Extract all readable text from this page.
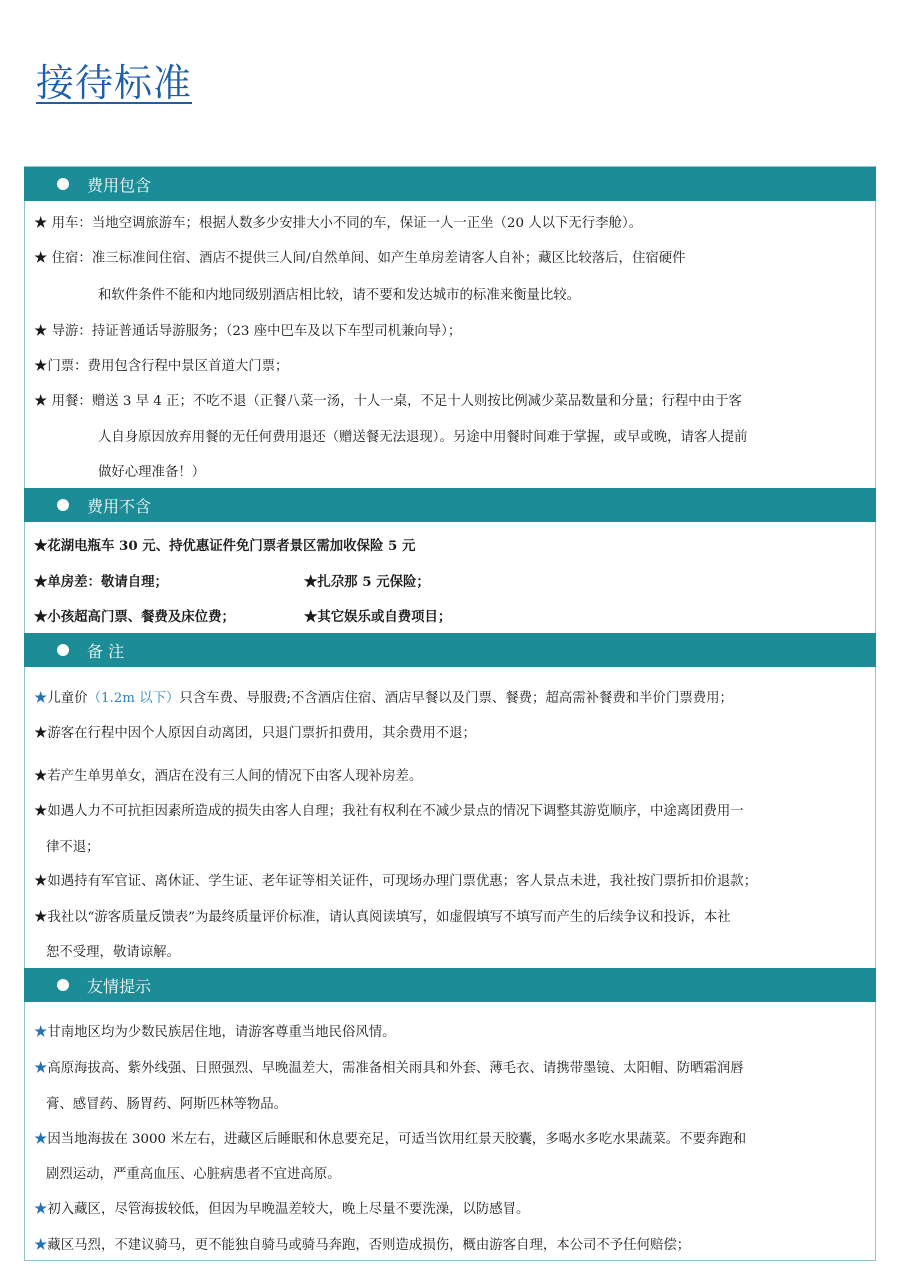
接待标准
费用包含
★ 用车：当地空调旅游车；根据人数多少安排大小不同的车，保证一人一正坐（20 人以下无行李舱）。
★ 住宿：准三标准间住宿、酒店不提供三人间/自然单间、如产生单房差请客人自补；藏区比较落后，住宿硬件
和软件条件不能和内地同级别酒店相比较，请不要和发达城市的标准来衡量比较。
★ 导游：持证普通话导游服务；（23 座中巴车及以下车型司机兼向导）；
★门票：费用包含行程中景区首道大门票；
★ 用餐：赠送 3 早 4 正；不吃不退（正餐八菜一汤，十人一桌，不足十人则按比例减少菜品数量和分量；行程中由于客
人自身原因放弃用餐的无任何费用退还（赠送餐无法退现）。另途中用餐时间难于掌握，或早或晚，请客人提前
做好心理准备！）
费用不含
★花湖电瓶车 30 元、持优惠证件免门票者景区需加收保险 5 元
★单房差：敬请自理；	★扎尕那 5 元保险；
★小孩超高门票、餐费及床位费；	★其它娱乐或自费项目；
备 注
★儿童价（1.2m 以下）只含车费、导服费;不含酒店住宿、酒店早餐以及门票、餐费；超高需补餐费和半价门票费用；
★游客在行程中因个人原因自动离团，只退门票折扣费用，其余费用不退；
★若产生单男单女，酒店在没有三人间的情况下由客人现补房差。
★如遇人力不可抗拒因素所造成的损失由客人自理；我社有权利在不减少景点的情况下调整其游览顺序，中途离团费用一
律不退；
★如遇持有军官证、离休证、学生证、老年证等相关证件，可现场办理门票优惠；客人景点未进，我社按门票折扣价退款；
★我社以“游客质量反馈表”为最终质量评价标准，请认真阅读填写，如虚假填写不填写而产生的后续争议和投诉，本社
恕不受理，敬请谅解。
友情提示
★甘南地区均为少数民族居住地，请游客尊重当地民俗风情。
★高原海拔高、紫外线强、日照强烈、早晚温差大，需准备相关雨具和外套、薄毛衣、请携带墨镜、太阳帽、防晒霜润唇
膏、感冒药、肠胃药、阿斯匹林等物品。
★因当地海拔在 3000 米左右，进藏区后睡眠和休息要充足，可适当饮用红景天胶囊，多喝水多吃水果蔬菜。不要奔跑和
剧烈运动，严重高血压、心脏病患者不宜进高原。
★初入藏区，尽管海拔较低，但因为早晚温差较大，晚上尽量不要洗澡，以防感冒。
★藏区马烈，不建议骑马，更不能独自骑马或骑马奔跑，否则造成损伤，概由游客自理，本公司不予任何赔偿；
